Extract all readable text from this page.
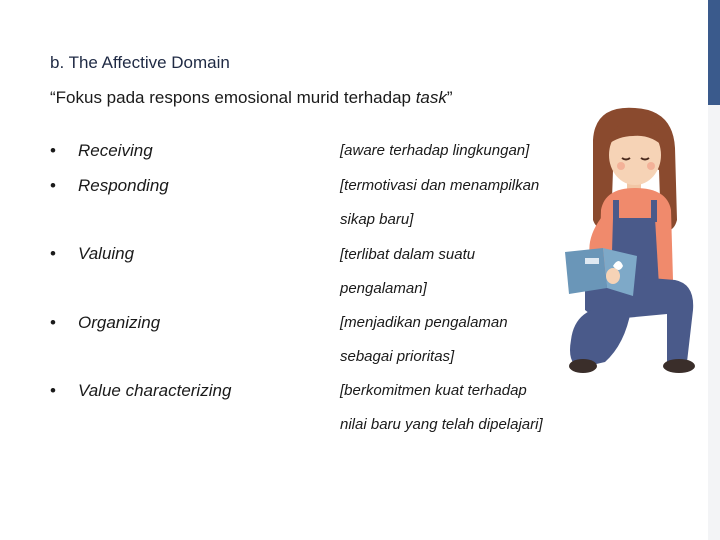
b. The Affective Domain
“Fokus pada respons emosional murid terhadap task”
• Receiving	[aware terhadap lingkungan]
• Responding	[termotivasi dan menampilkan
sikap baru]
• Valuing	[terlibat dalam suatu
pengalaman]
• Organizing	[menjadikan pengalaman
sebagai prioritas]
• Value characterizing	[berkomitmen kuat terhadap
nilai baru yang telah dipelajari]
